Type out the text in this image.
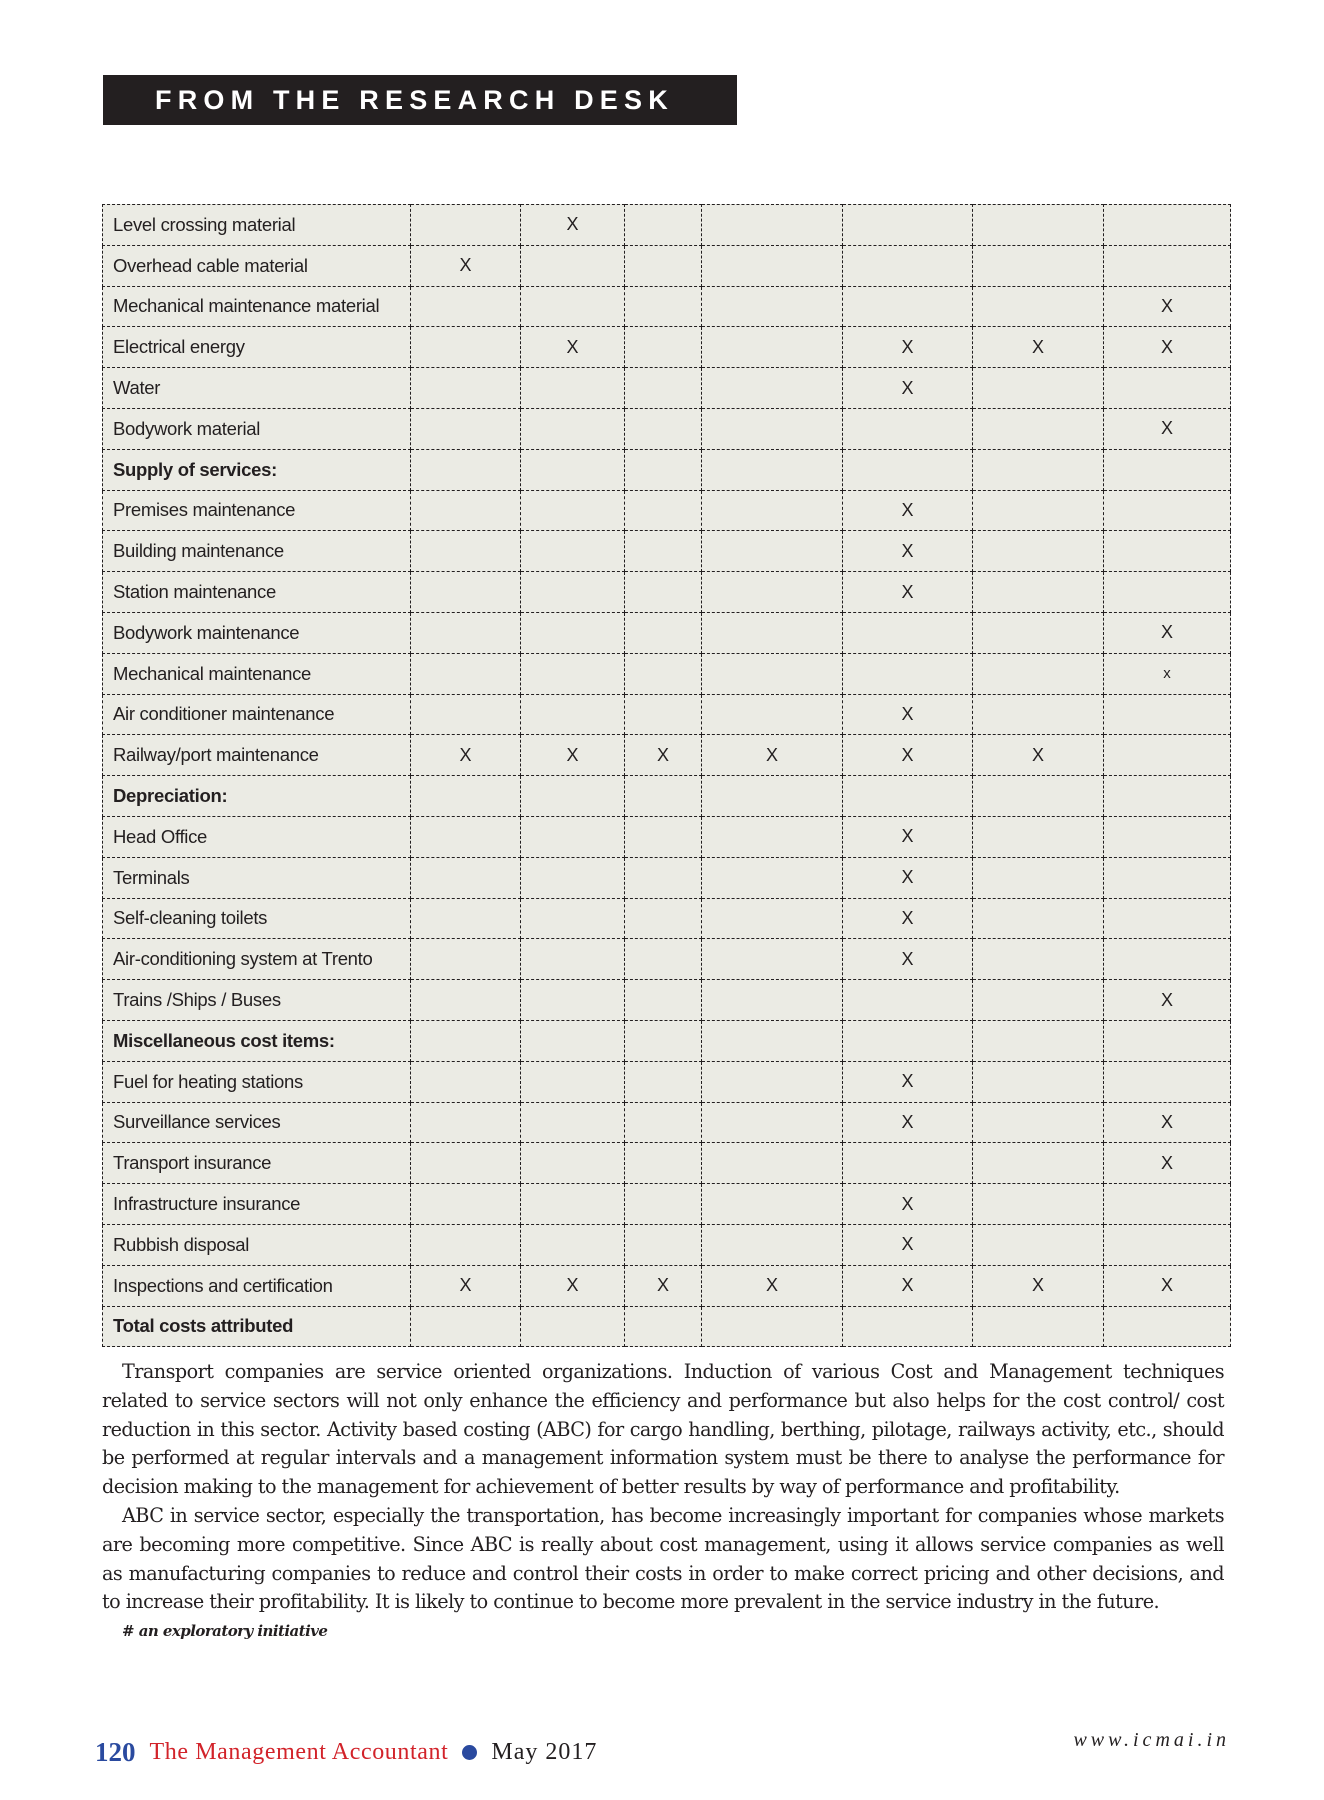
FROM THE RESEARCH DESK
Level crossing material		X					
Overhead cable material	X						
Mechanical maintenance material							X
Electrical energy		X			X	X	X
Water					X		
Bodywork material							X
Supply of services:							
Premises maintenance					X		
Building maintenance					X		
Station maintenance					X		
Bodywork maintenance							X
Mechanical maintenance							x
Air conditioner maintenance					X		
Railway/port maintenance	X	X	X	X	X	X	
Depreciation:							
Head Office					X		
Terminals					X		
Self-cleaning toilets					X		
Air-conditioning system at Trento					X		
Trains /Ships / Buses							X
Miscellaneous cost items:							
Fuel for heating stations					X		
Surveillance services					X		X
Transport insurance							X
Infrastructure insurance					X		
Rubbish disposal					X		
Inspections and certification	X	X	X	X	X	X	X
Total costs attributed							

Transport companies are service oriented organizations. Induction of various Cost and Management techniques related to service sectors will not only enhance the efficiency and performance but also helps for the cost control/ cost reduction in this sector. Activity based costing (ABC) for cargo handling, berthing, pilotage, railways activity, etc., should be performed at regular intervals and a management information system must be there to analyse the performance for decision making to the management for achievement of better results by way of performance and profitability.

ABC in service sector, especially the transportation, has become increasingly important for companies whose markets are becoming more competitive. Since ABC is really about cost management, using it allows service companies as well as manufacturing companies to reduce and control their costs in order to make correct pricing and other decisions, and to increase their profitability. It is likely to continue to become more prevalent in the service industry in the future.

# an exploratory initiative
120 The Management Accountant May 2017	www.icmai.in
